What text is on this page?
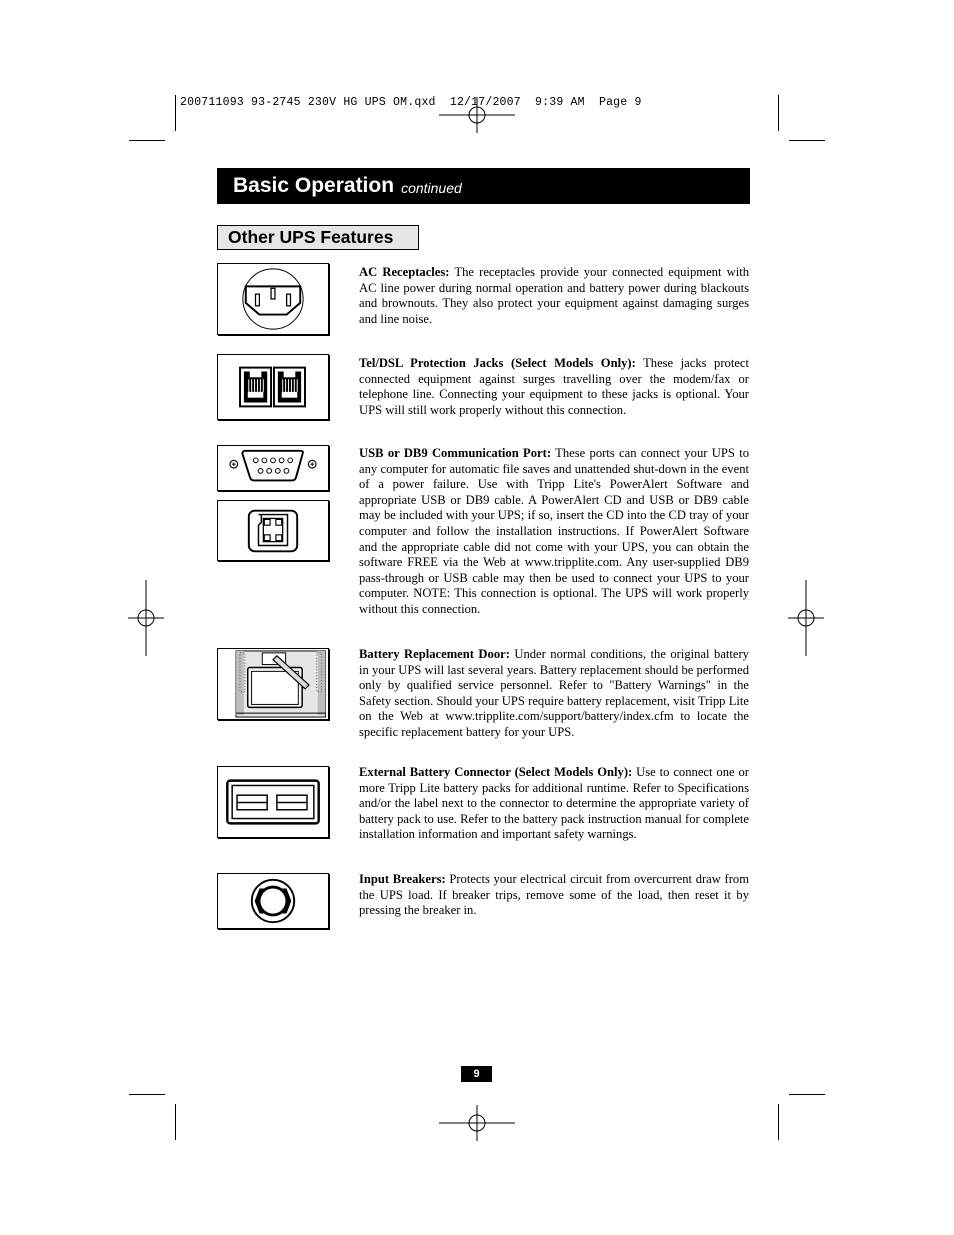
200711093 93-2745 230V HG UPS OM.qxd  12/17/2007  9:39 AM  Page 9
Basic Operation continued
Other UPS Features
AC Receptacles: The receptacles provide your connected equipment with AC line power during normal operation and battery power during blackouts and brownouts. They also protect your equipment against damaging surges and line noise.
Tel/DSL Protection Jacks (Select Models Only): These jacks protect connected equipment against surges travelling over the modem/fax or telephone line. Connecting your equipment to these jacks is optional. Your UPS will still work properly without this connection.
USB or DB9 Communication Port: These ports can connect your UPS to any computer for automatic file saves and unattended shut-down in the event of a power failure. Use with Tripp Lite's PowerAlert Software and appropriate USB or DB9 cable. A PowerAlert CD and USB or DB9 cable may be included with your UPS; if so, insert the CD into the CD tray of your computer and follow the installation instructions. If PowerAlert Software and the appropriate cable did not come with your UPS, you can obtain the software FREE via the Web at www.tripplite.com. Any user-supplied DB9 pass-through or USB cable may then be used to connect your UPS to your computer. NOTE: This connection is optional. The UPS will work properly without this connection.
Battery Replacement Door: Under normal conditions, the original battery in your UPS will last several years. Battery replacement should be performed only by qualified service personnel. Refer to "Battery Warnings" in the Safety section. Should your UPS require battery replacement, visit Tripp Lite on the Web at www.tripplite.com/support/battery/index.cfm to locate the specific replacement battery for your UPS.
External Battery Connector (Select Models Only): Use to connect one or more Tripp Lite battery packs for additional runtime. Refer to Specifications and/or the label next to the connector to determine the appropriate variety of battery pack to use. Refer to the battery pack instruction manual for complete installation information and important safety warnings.
Input Breakers: Protects your electrical circuit from overcurrent draw from the UPS load. If breaker trips, remove some of the load, then reset it by pressing the breaker in.
9
